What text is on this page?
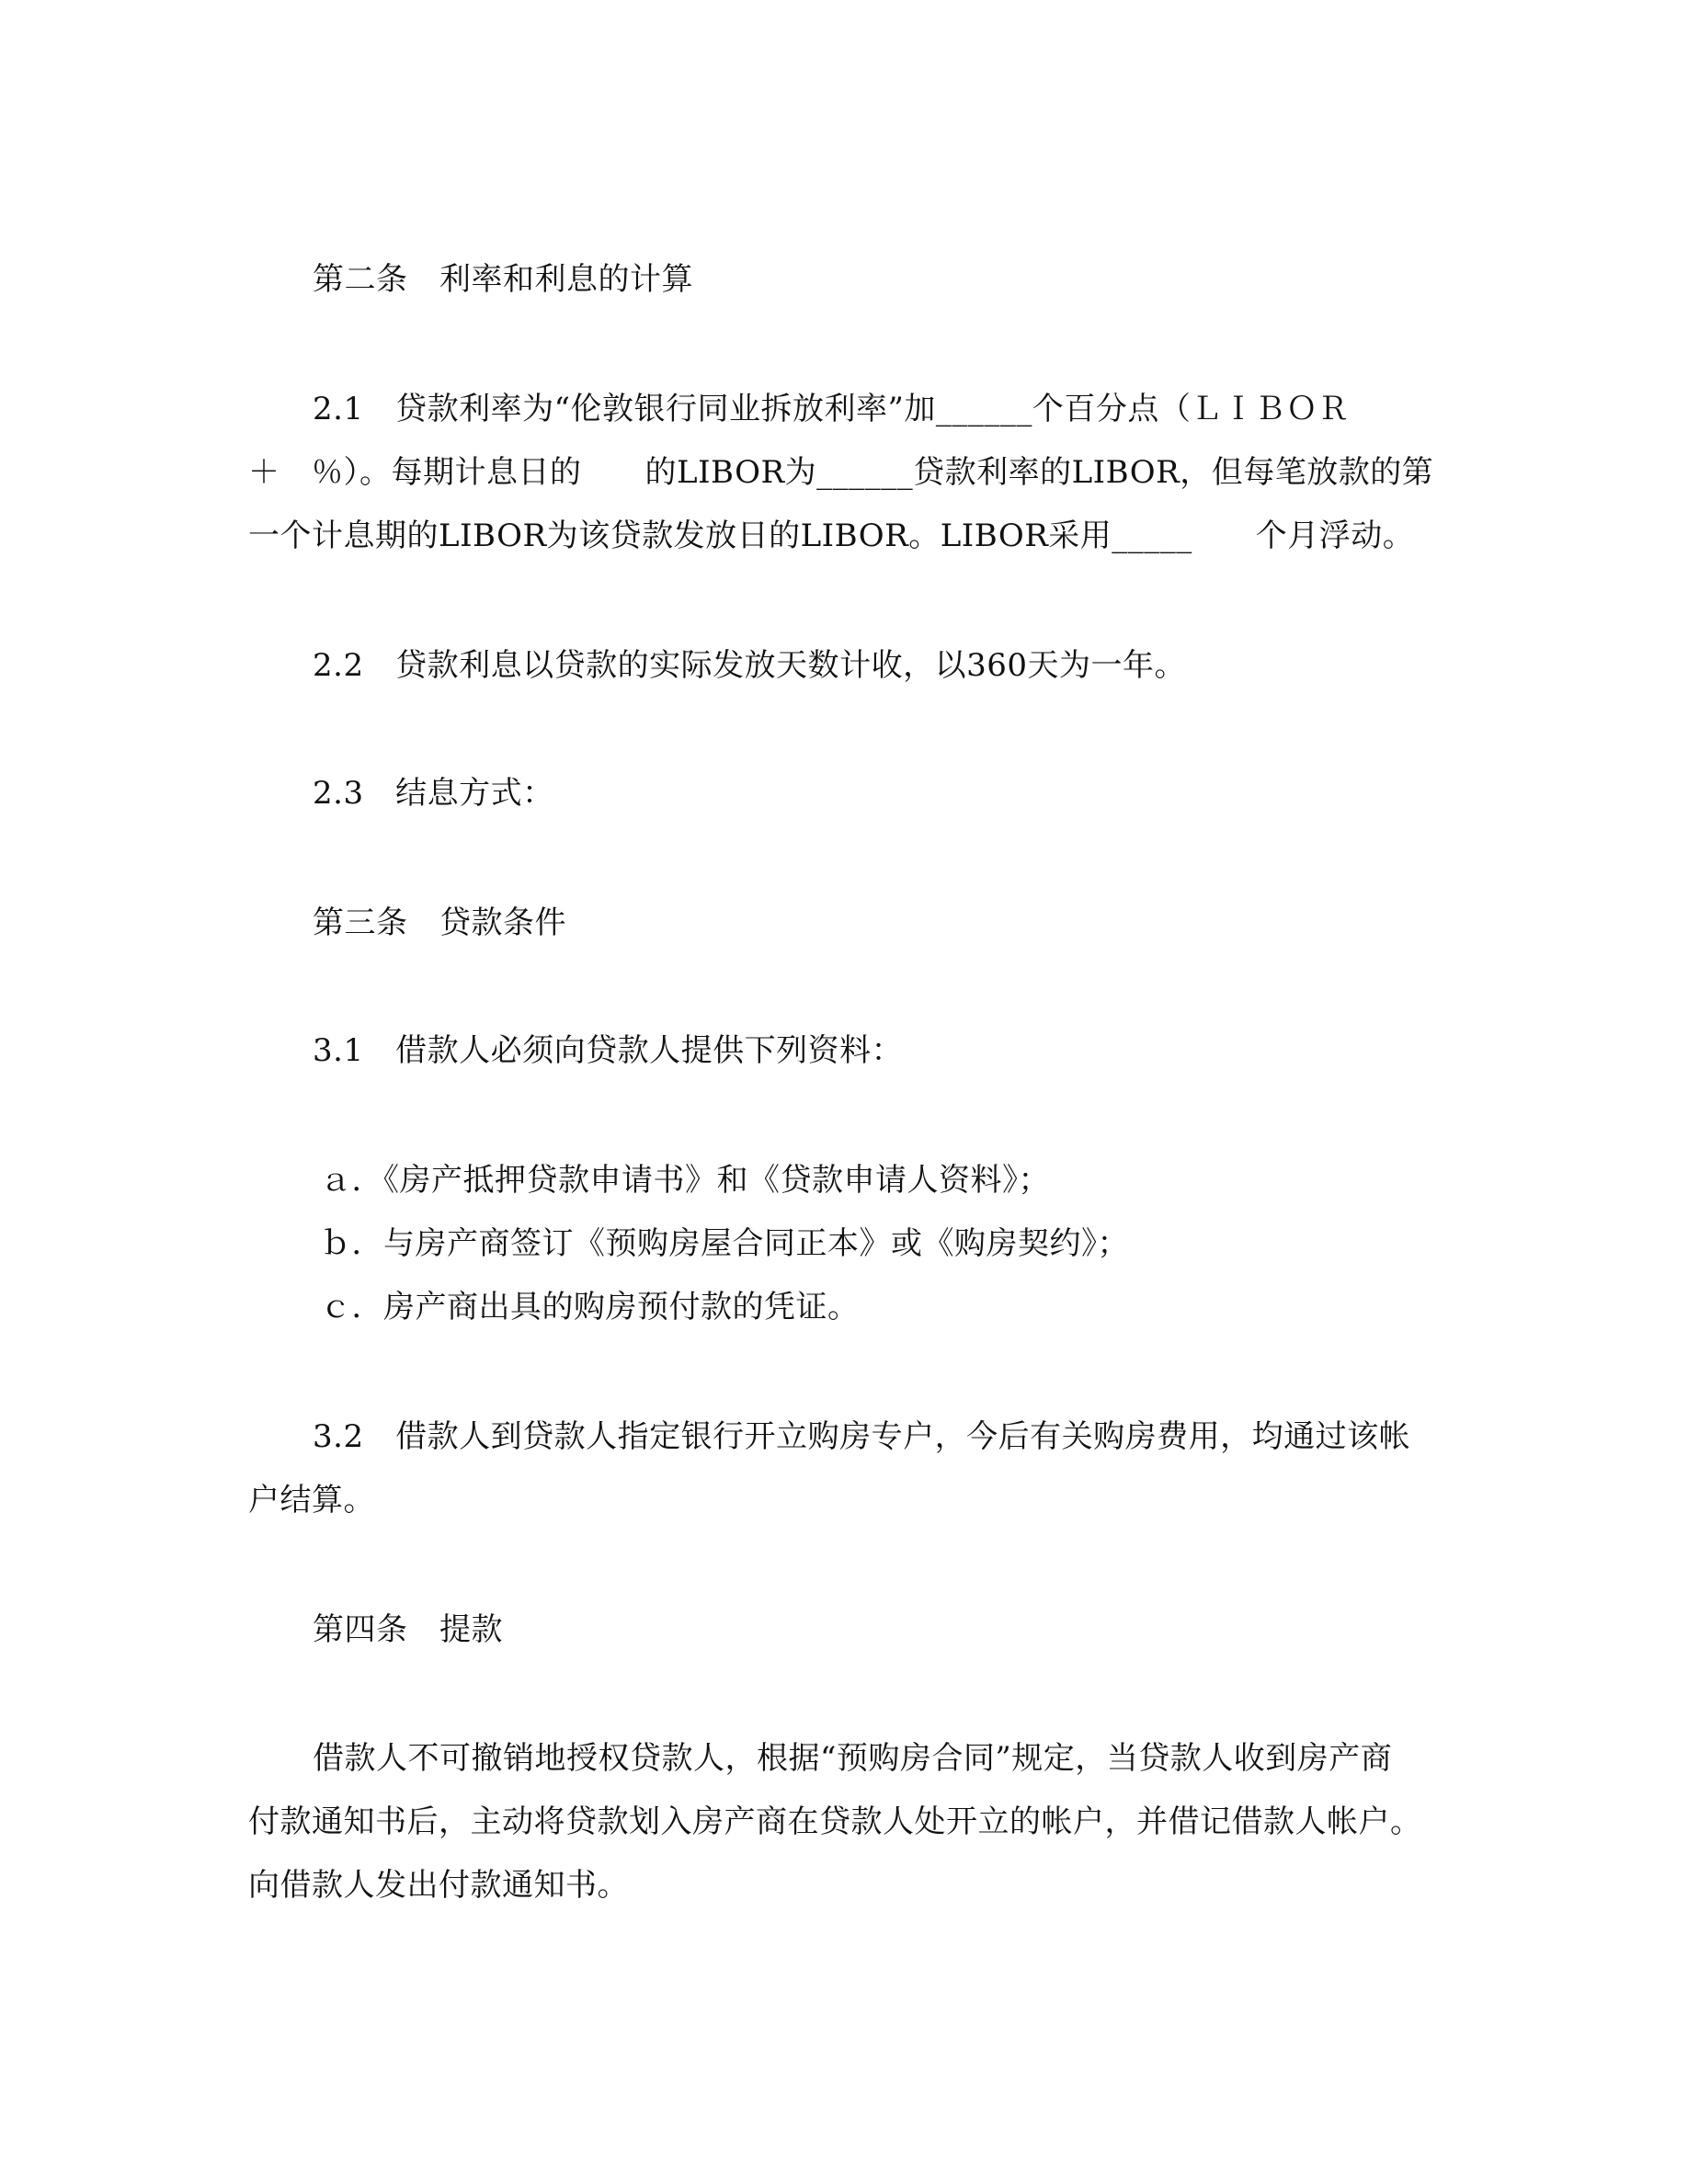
第二条　利率和利息的计算
2.1　贷款利率为“伦敦银行同业拆放利率”加______个百分点（ＬＩＢＯＲ
＋　％）。每期计息日的　　的LIBOR为______贷款利率的LIBOR，但每笔放款的第
一个计息期的LIBOR为该贷款发放日的LIBOR。LIBOR采用_____　　个月浮动。
2.2　贷款利息以贷款的实际发放天数计收，以360天为一年。
2.3　结息方式：
第三条　贷款条件
3.1　借款人必须向贷款人提供下列资料：
ａ．《房产抵押贷款申请书》和《贷款申请人资料》；
ｂ．与房产商签订《预购房屋合同正本》或《购房契约》；
ｃ．房产商出具的购房预付款的凭证。
3.2　借款人到贷款人指定银行开立购房专户，今后有关购房费用，均通过该帐
户结算。
第四条　提款
借款人不可撤销地授权贷款人，根据“预购房合同”规定，当贷款人收到房产商
付款通知书后，主动将贷款划入房产商在贷款人处开立的帐户，并借记借款人帐户。
向借款人发出付款通知书。
